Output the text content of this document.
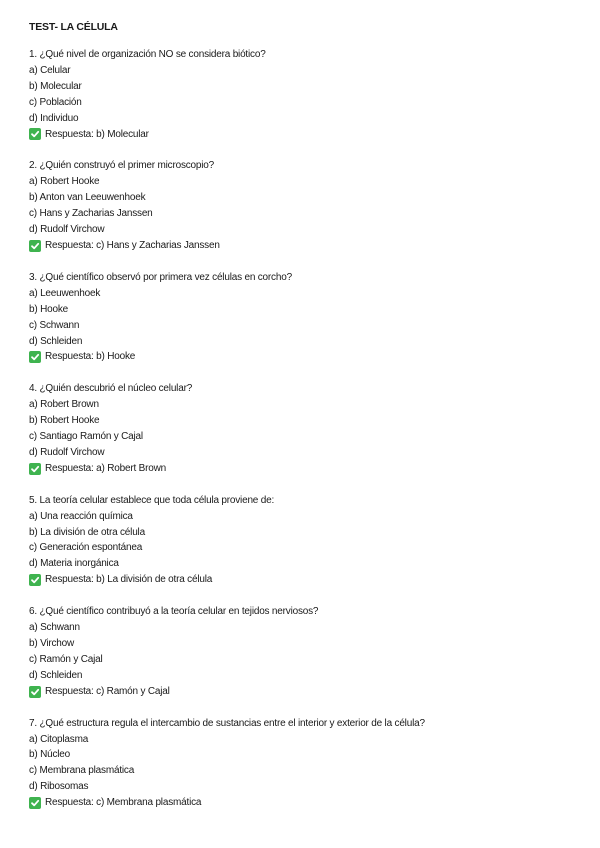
TEST- LA CÉLULA
1. ¿Qué nivel de organización NO se considera biótico?
a) Celular
b) Molecular
c) Población
d) Individuo
Respuesta: b) Molecular
2. ¿Quién construyó el primer microscopio?
a) Robert Hooke
b) Anton van Leeuwenhoek
c) Hans y Zacharias Janssen
d) Rudolf Virchow
Respuesta: c) Hans y Zacharias Janssen
3. ¿Qué científico observó por primera vez células en corcho?
a) Leeuwenhoek
b) Hooke
c) Schwann
d) Schleiden
Respuesta: b) Hooke
4. ¿Quién descubrió el núcleo celular?
a) Robert Brown
b) Robert Hooke
c) Santiago Ramón y Cajal
d) Rudolf Virchow
Respuesta: a) Robert Brown
5. La teoría celular establece que toda célula proviene de:
a) Una reacción química
b) La división de otra célula
c) Generación espontánea
d) Materia inorgánica
Respuesta: b) La división de otra célula
6. ¿Qué científico contribuyó a la teoría celular en tejidos nerviosos?
a) Schwann
b) Virchow
c) Ramón y Cajal
d) Schleiden
Respuesta: c) Ramón y Cajal
7. ¿Qué estructura regula el intercambio de sustancias entre el interior y exterior de la célula?
a) Citoplasma
b) Núcleo
c) Membrana plasmática
d) Ribosomas
Respuesta: c) Membrana plasmática
